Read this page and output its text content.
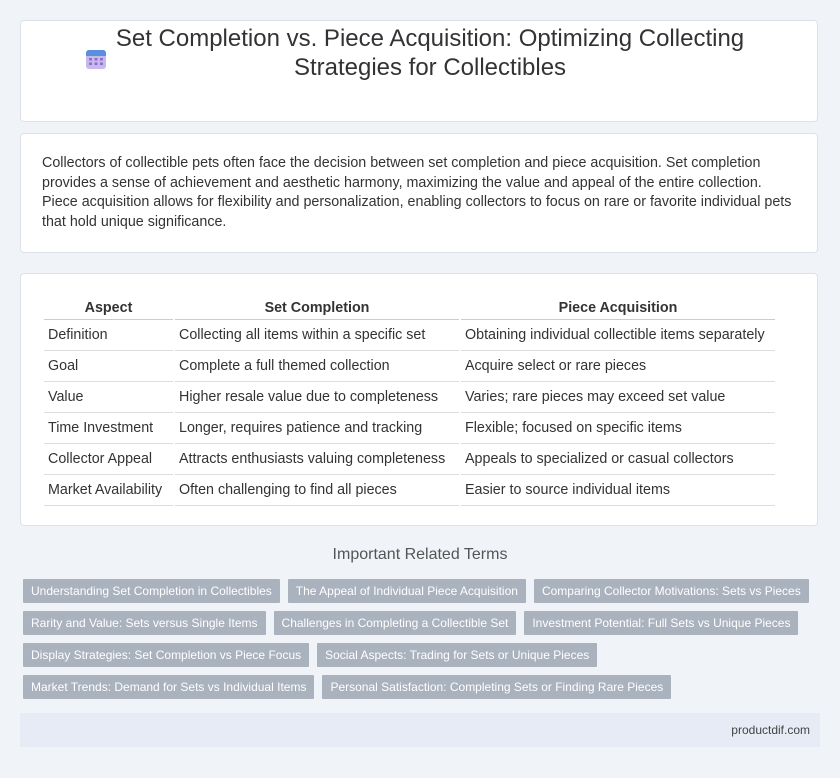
Set Completion vs. Piece Acquisition: Optimizing Collecting Strategies for Collectibles
Collectors of collectible pets often face the decision between set completion and piece acquisition. Set completion provides a sense of achievement and aesthetic harmony, maximizing the value and appeal of the entire collection. Piece acquisition allows for flexibility and personalization, enabling collectors to focus on rare or favorite individual pets that hold unique significance.
Aspect	Set Completion	Piece Acquisition
Definition	Collecting all items within a specific set	Obtaining individual collectible items separately
Goal	Complete a full themed collection	Acquire select or rare pieces
Value	Higher resale value due to completeness	Varies; rare pieces may exceed set value
Time Investment	Longer, requires patience and tracking	Flexible; focused on specific items
Collector Appeal	Attracts enthusiasts valuing completeness	Appeals to specialized or casual collectors
Market Availability	Often challenging to find all pieces	Easier to source individual items
Important Related Terms
Understanding Set Completion in Collectibles	The Appeal of Individual Piece Acquisition	Comparing Collector Motivations: Sets vs Pieces
Rarity and Value: Sets versus Single Items	Challenges in Completing a Collectible Set	Investment Potential: Full Sets vs Unique Pieces
Display Strategies: Set Completion vs Piece Focus	Social Aspects: Trading for Sets or Unique Pieces
Market Trends: Demand for Sets vs Individual Items	Personal Satisfaction: Completing Sets or Finding Rare Pieces
productdif.com
